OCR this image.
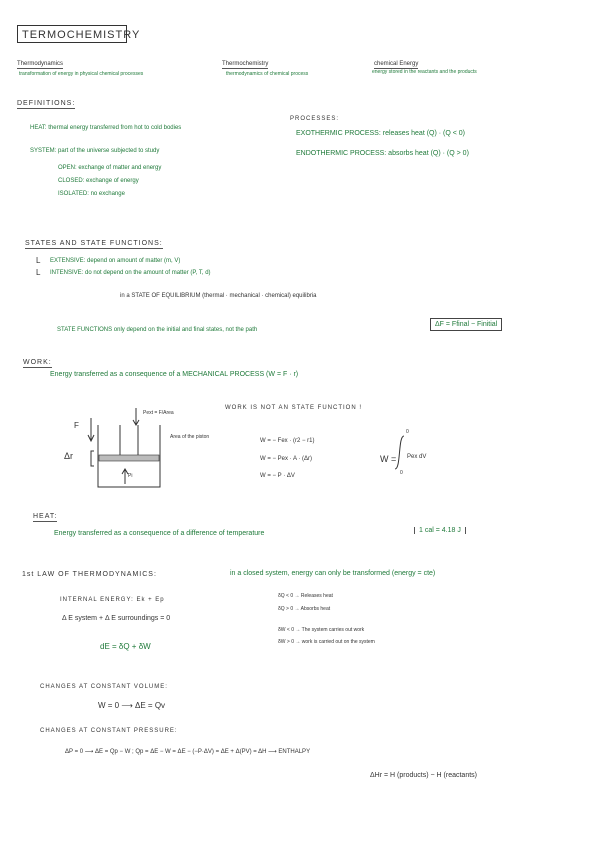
TERMOCHEMISTRY
Thermodynamics
transformation of energy in physical chemical processes
Thermochemistry
thermodynamics of chemical process
chemical Energy
energy stored in the reactants and the products
DEFINITIONS:
HEAT: thermal energy transferred from hot to cold bodies
SYSTEM: part of the universe subjected to study
OPEN: exchange of matter and energy
CLOSED: exchange of energy
ISOLATED: no exchange
PROCESSES:
EXOTHERMIC PROCESS: releases heat (Q) · (Q < 0)
ENDOTHERMIC PROCESS: absorbs heat (Q) · (Q > 0)
STATES AND STATE FUNCTIONS:
L EXTENSIVE: depend on amount of matter (m, V)
L INTENSIVE: do not depend on the amount of matter (P, T, d)
in a STATE OF EQUILIBRIUM (thermal · mechanical · chemical) equilibria
STATE FUNCTIONS only depend on the initial and final states, not the path
ΔF = Ffinal − Finitial
WORK:
Energy transferred as a consequence of a MECHANICAL PROCESS (W = F · r)
Pext = F/Area
Area of the piston
F
Δr
Pi
WORK IS NOT AN STATE FUNCTION !
W = − Fex · (r2 − r1)
W = − Pex · A · (Δr)
W = − P · ΔV
W = Pex dV
0
0
HEAT:
Energy transferred as a consequence of a difference of temperature	1 cal = 4.18 J
1st LAW OF THERMODYNAMICS:	in a closed system, energy can only be transformed (energy = cte)
INTERNAL ENERGY: Ek + Ep
Δ E system + Δ E surroundings = 0
dE = δQ + δW
δQ < 0 → Releases heat
δQ > 0 → Absorbs heat
δW < 0 → The system carries out work
δW > 0 → work is carried out on the system
CHANGES AT CONSTANT VOLUME:
W = 0 ⟶ ΔE = Qv
CHANGES AT CONSTANT PRESSURE:
ΔP = 0 ⟶ ΔE = Qp − W ; Qp = ΔE − W = ΔE − (−P·ΔV) = ΔE + Δ(PV) = ΔH ⟶ ENTHALPY
ΔHr = H (products) − H (reactants)
